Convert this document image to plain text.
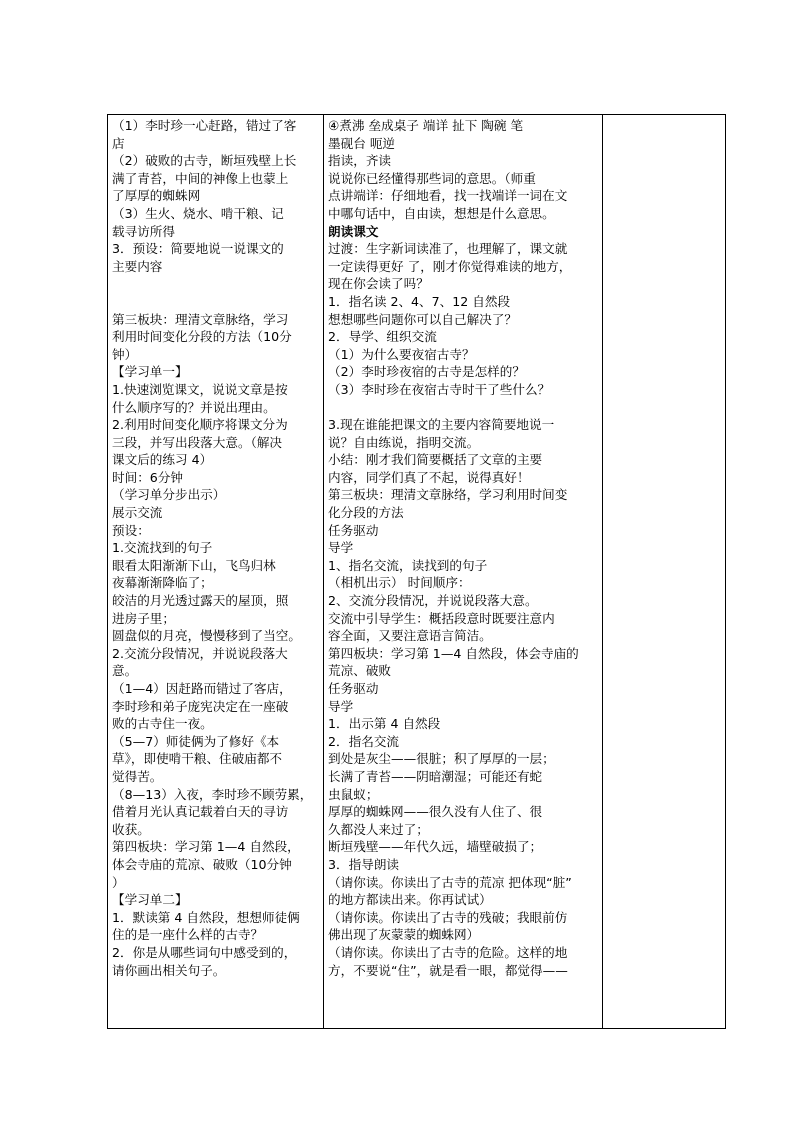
（1）李时珍一心赶路，错过了客
店
（2）破败的古寺，断垣残壁上长
满了青苔，中间的神像上也蒙上
了厚厚的蜘蛛网
（3）生火、烧水、啃干粮、记
载寻访所得
3．预设：简要地说一说课文的
主要内容
第三板块：理清文章脉络，学习
利用时间变化分段的方法（10分
钟）
【学习单一】
1.快速浏览课文，说说文章是按
什么顺序写的？并说出理由。
2.利用时间变化顺序将课文分为
三段，并写出段落大意。（解决
课文后的练习 4）
时间：6分钟
（学习单分步出示）
展示交流
预设：
1.交流找到的句子
眼看太阳渐渐下山，飞鸟归林
夜幕渐渐降临了；
皎洁的月光透过露天的屋顶，照
进房子里；
圆盘似的月亮，慢慢移到了当空。
2.交流分段情况，并说说段落大
意。
（1—4）因赶路而错过了客店，
李时珍和弟子庞宪决定在一座破
败的古寺住一夜。
（5—7）师徒俩为了修好《本
草》，即使啃干粮、住破庙都不
觉得苦。
（8—13）入夜，李时珍不顾劳累，
借着月光认真记载着白天的寻访
收获。
第四板块：学习第 1—4 自然段，
体会寺庙的荒凉、破败（10分钟
）
【学习单二】
1．默读第 4 自然段，想想师徒俩
住的是一座什么样的古寺？
2．你是从哪些词句中感受到的，
请你画出相关句子。

④煮沸 垒成桌子 端详 扯下 陶碗 笔
墨砚台 呃逆
指读，齐读
说说你已经懂得那些词的意思。（师重
点讲端详：仔细地看，找一找端详一词在文
中哪句话中，自由读，想想是什么意思。
朗读课文
过渡：生字新词读准了，也理解了，课文就
一定读得更好 了，刚才你觉得难读的地方，
现在你会读了吗？
1．指名读 2、4、7、12 自然段
想想哪些问题你可以自己解决了？
2．导学、组织交流
（1）为什么要夜宿古寺？
（2）李时珍夜宿的古寺是怎样的？
（3）李时珍在夜宿古寺时干了些什么？
3.现在谁能把课文的主要内容简要地说一
说？自由练说，指明交流。
小结：刚才我们简要概括了文章的主要
内容，同学们真了不起，说得真好！
第三板块：理清文章脉络，学习利用时间变
化分段的方法
任务驱动
导学
1、指名交流，读找到的句子
（相机出示） 时间顺序：
2、交流分段情况，并说说段落大意。
交流中引导学生：概括段意时既要注意内
容全面，又要注意语言简洁。
第四板块：学习第 1—4 自然段，体会寺庙的
荒凉、破败
任务驱动
导学
1．出示第 4 自然段
2．指名交流
到处是灰尘——很脏；积了厚厚的一层；
长满了青苔——阴暗潮湿；可能还有蛇
虫鼠蚁；
厚厚的蜘蛛网——很久没有人住了、很
久都没人来过了；
断垣残壁——年代久远，墙壁破损了；
3．指导朗读
（请你读。你读出了古寺的荒凉 把体现“脏”
的地方都读出来。你再试试）
（请你读。你读出了古寺的残破；我眼前仿
佛出现了灰蒙蒙的蜘蛛网）
（请你读。你读出了古寺的危险。这样的地
方，不要说“住”，就是看一眼，都觉得——
